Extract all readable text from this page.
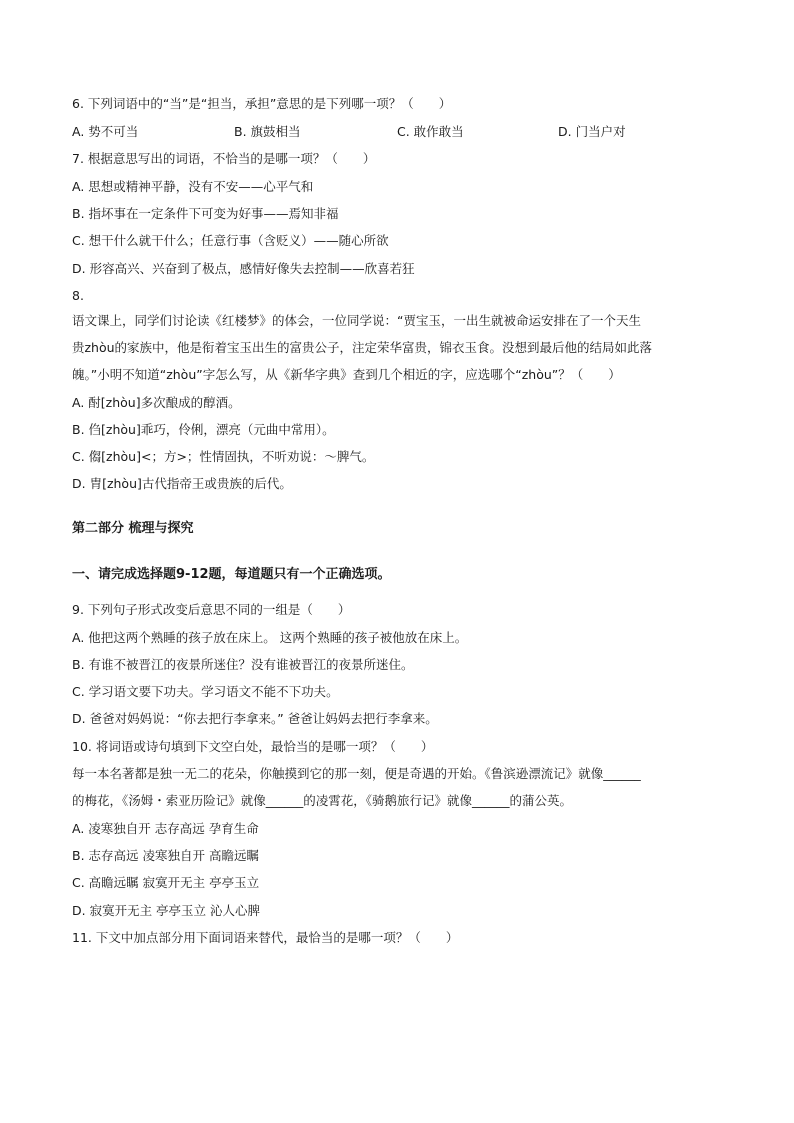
6. 下列词语中的“当”是“担当，承担”意思的是下列哪一项？（　　）
A. 势不可当	B. 旗鼓相当	C. 敢作敢当	D. 门当户对
7. 根据意思写出的词语，不恰当的是哪一项？（　　）
A. 思想或精神平静，没有不安——心平气和
B. 指坏事在一定条件下可变为好事——焉知非福
C. 想干什么就干什么；任意行事（含贬义）——随心所欲
D. 形容高兴、兴奋到了极点，感情好像失去控制——欣喜若狂
8.
语文课上，同学们讨论读《红楼梦》的体会，一位同学说：“贾宝玉，一出生就被命运安排在了一个天生
贵zhòu的家族中，他是衔着宝玉出生的富贵公子，注定荣华富贵，锦衣玉食。没想到最后他的结局如此落
魄。”小明不知道“zhòu”字怎么写，从《新华字典》查到几个相近的字，应选哪个“zhòu”？（　　）
A. 酎[zhòu]多次酿成的醇酒。
B. 㑇[zhòu]乖巧，伶俐，漂亮（元曲中常用）。
C. 㑳[zhòu]<；方>；性情固执，不听劝说：～脾气。
D. 胄[zhòu]古代指帝王或贵族的后代。
第二部分 梳理与探究
一、请完成选择题9-12题，每道题只有一个正确选项。
9. 下列句子形式改变后意思不同的一组是（　　）
A. 他把这两个熟睡的孩子放在床上。 这两个熟睡的孩子被他放在床上。
B. 有谁不被晋江的夜景所迷住？没有谁被晋江的夜景所迷住。
C. 学习语文要下功夫。学习语文不能不下功夫。
D. 爸爸对妈妈说：“你去把行李拿来。” 爸爸让妈妈去把行李拿来。
10. 将词语或诗句填到下文空白处，最恰当的是哪一项？（　　）
每一本名著都是独一无二的花朵，你触摸到它的那一刻，便是奇遇的开始。《鲁滨逊漂流记》就像______
的梅花，《汤姆・索亚历险记》就像______的凌霄花，《骑鹅旅行记》就像______的蒲公英。
A. 凌寒独自开 志存高远 孕育生命
B. 志存高远 凌寒独自开 高瞻远瞩
C. 高瞻远瞩 寂寞开无主 亭亭玉立
D. 寂寞开无主 亭亭玉立 沁人心脾
11. 下文中加点部分用下面词语来替代，最恰当的是哪一项？（　　）
